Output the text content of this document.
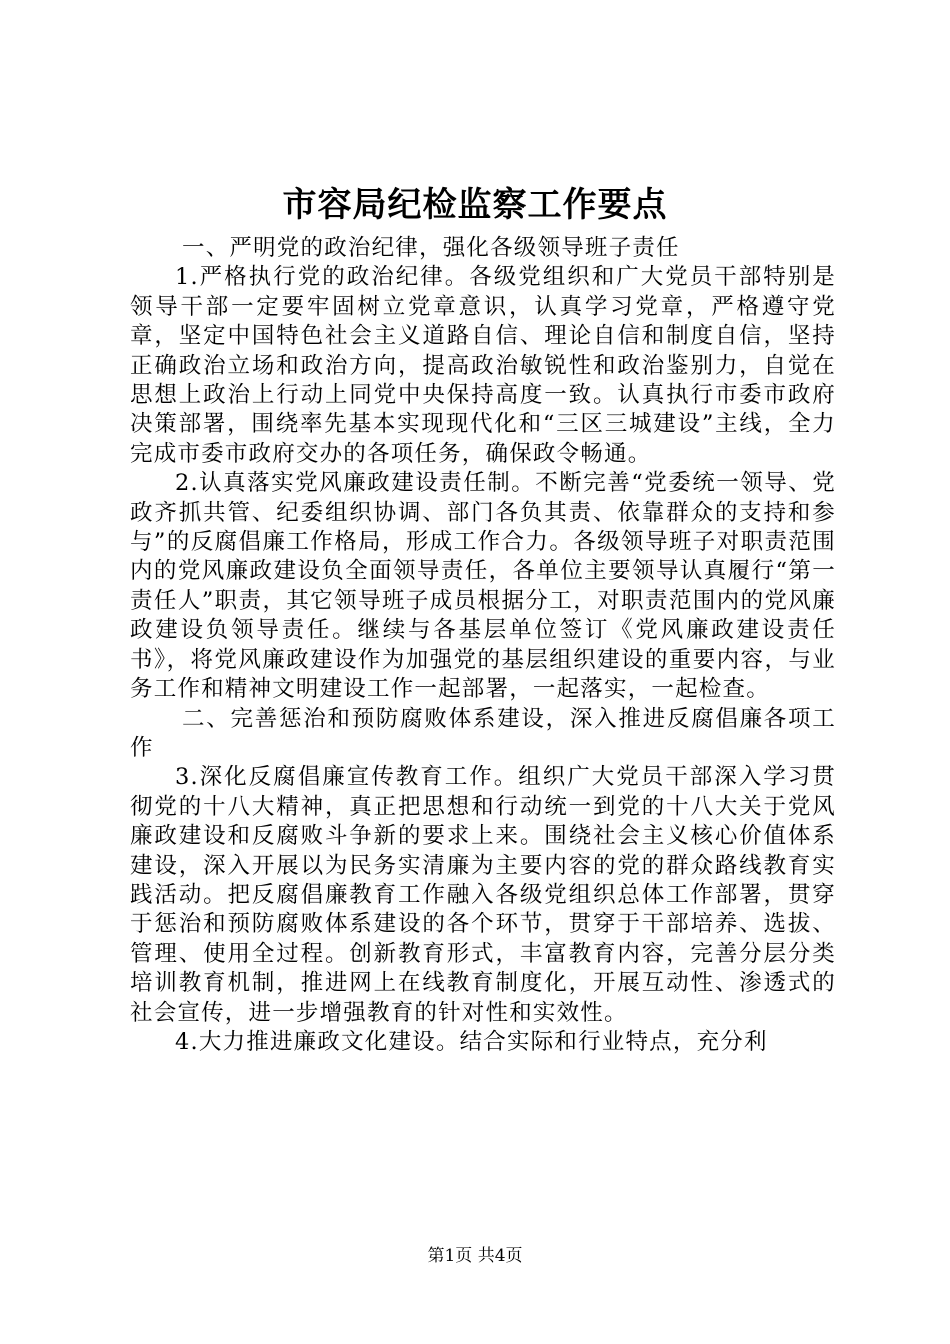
市容局纪检监察工作要点

一、严明党的政治纪律，强化各级领导班子责任

1.严格执行党的政治纪律。各级党组织和广大党员干部特别是领导干部一定要牢固树立党章意识，认真学习党章，严格遵守党章，坚定中国特色社会主义道路自信、理论自信和制度自信，坚持正确政治立场和政治方向，提高政治敏锐性和政治鉴别力，自觉在思想上政治上行动上同党中央保持高度一致。认真执行市委市政府决策部署，围绕率先基本实现现代化和“三区三城建设”主线，全力完成市委市政府交办的各项任务，确保政令畅通。

2.认真落实党风廉政建设责任制。不断完善“党委统一领导、党政齐抓共管、纪委组织协调、部门各负其责、依靠群众的支持和参与”的反腐倡廉工作格局，形成工作合力。各级领导班子对职责范围内的党风廉政建设负全面领导责任，各单位主要领导认真履行“第一责任人”职责，其它领导班子成员根据分工，对职责范围内的党风廉政建设负领导责任。继续与各基层单位签订《党风廉政建设责任书》，将党风廉政建设作为加强党的基层组织建设的重要内容，与业务工作和精神文明建设工作一起部署，一起落实，一起检查。

二、完善惩治和预防腐败体系建设，深入推进反腐倡廉各项工作

3.深化反腐倡廉宣传教育工作。组织广大党员干部深入学习贯彻党的十八大精神，真正把思想和行动统一到党的十八大关于党风廉政建设和反腐败斗争新的要求上来。围绕社会主义核心价值体系建设，深入开展以为民务实清廉为主要内容的党的群众路线教育实践活动。把反腐倡廉教育工作融入各级党组织总体工作部署，贯穿于惩治和预防腐败体系建设的各个环节，贯穿于干部培养、选拔、管理、使用全过程。创新教育形式，丰富教育内容，完善分层分类培训教育机制，推进网上在线教育制度化，开展互动性、渗透式的社会宣传，进一步增强教育的针对性和实效性。

4.大力推进廉政文化建设。结合实际和行业特点，充分利

第1页 共4页
